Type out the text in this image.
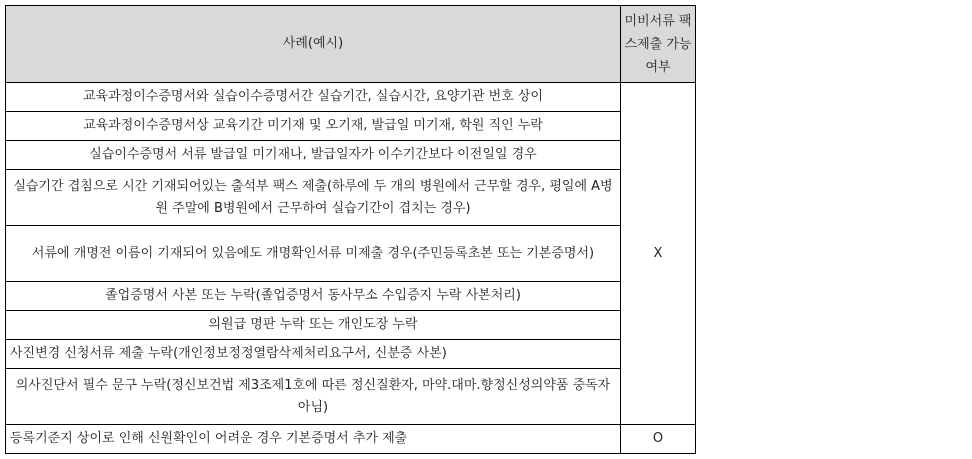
사례(예시)	미비서류 팩스제출 가능여부
교육과정이수증명서와 실습이수증명서간 실습기간, 실습시간, 요양기관 번호 상이	X
교육과정이수증명서상 교육기간 미기재 및 오기재, 발급일 미기재, 학원 직인 누락	
실습이수증명서 서류 발급일 미기재나, 발급일자가 이수기간보다 이전일일 경우	
실습기간 겹침으로 시간 기재되어있는 출석부 팩스 제출(하루에 두 개의 병원에서 근무할 경우, 평일에 A병원 주말에 B병원에서 근무하여 실습기간이 겹치는 경우)	
서류에 개명전 이름이 기재되어 있음에도 개명확인서류 미제출 경우(주민등록초본 또는 기본증명서)	
졸업증명서 사본 또는 누락(졸업증명서 동사무소 수입증지 누락 사본처리)	
의원급 명판 누락 또는 개인도장 누락	
사진변경 신청서류 제출 누락(개인정보정정열람삭제처리요구서, 신분증 사본)	
의사진단서 필수 문구 누락(정신보건법 제3조제1호에 따른 정신질환자, 마약.대마.향정신성의약품 중독자 아님)	
등록기준지 상이로 인해 신원확인이 어려운 경우 기본증명서 추가 제출	O
